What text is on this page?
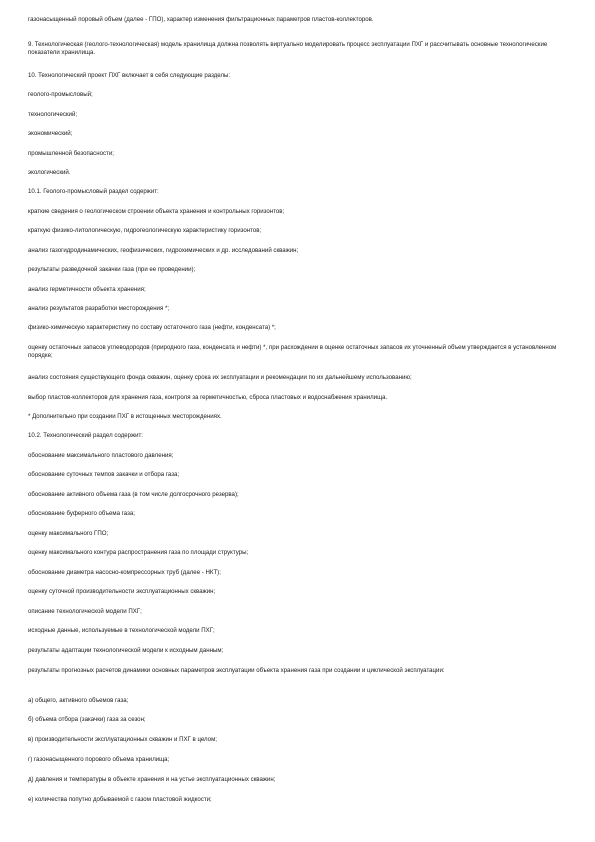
газонасыщенный поровый объем (далее - ГПО), характер изменения фильтрационных параметров пластов-коллекторов.

9. Технологическая (геолого-технологическая) модель хранилища должна позволять виртуально моделировать процесс эксплуатации ПХГ и рассчитывать основные технологические показатели хранилища.

10. Технологический проект ПХГ включает в себя следующие разделы:

геолого-промысловый;

технологический;

экономический;

промышленной безопасности;

экологический.

10.1. Геолого-промысловый раздел содержит:

краткие сведения о геологическом строении объекта хранения и контрольных горизонтов;

краткую физико-литологическую, гидрогеологическую характеристику горизонтов;

анализ газогидродинамических, геофизических, гидрохимических и др. исследований скважин;

результаты разведочной закачки газа (при ее проведении);

анализ герметичности объекта хранения;

анализ результатов разработки месторождения *;

физико-химическую характеристику по составу остаточного газа (нефти, конденсата) *;

оценку остаточных запасов углеводородов (природного газа, конденсата и нефти) *, при расхождении в оценке остаточных запасов их уточненный объем утверждается в установленном порядке;

анализ состояния существующего фонда скважин, оценку срока их эксплуатации и рекомендации по их дальнейшему использованию;

выбор пластов-коллекторов для хранения газа, контроля за герметичностью, сброса пластовых и водоснабжения хранилища.

* Дополнительно при создании ПХГ в истощенных месторождениях.

10.2. Технологический раздел содержит:

обоснование максимального пластового давления;

обоснование суточных темпов закачки и отбора газа;

обоснование активного объема газа (в том числе долгосрочного резерва);

обоснование буферного объема газа;

оценку максимального ГПО;

оценку максимального контура распространения газа по площади структуры;

обоснование диаметра насосно-компрессорных труб (далее - НКТ);

оценку суточной производительности эксплуатационных скважин;

описание технологической модели ПХГ;

исходные данные, используемые в технологической модели ПХГ;

результаты адаптации технологической модели к исходным данным;

результаты прогнозных расчетов динамики основных параметров эксплуатации объекта хранения газа при создании и циклической эксплуатации:

а) общего, активного объемов газа;

б) объема отбора (закачки) газа за сезон;

в) производительности эксплуатационных скважин и ПХГ в целом;

г) газонасыщенного порового объема хранилища;

д) давления и температуры в объекте хранения и на устье эксплуатационных скважин;

е) количества попутно добываемой с газом пластовой жидкости;
